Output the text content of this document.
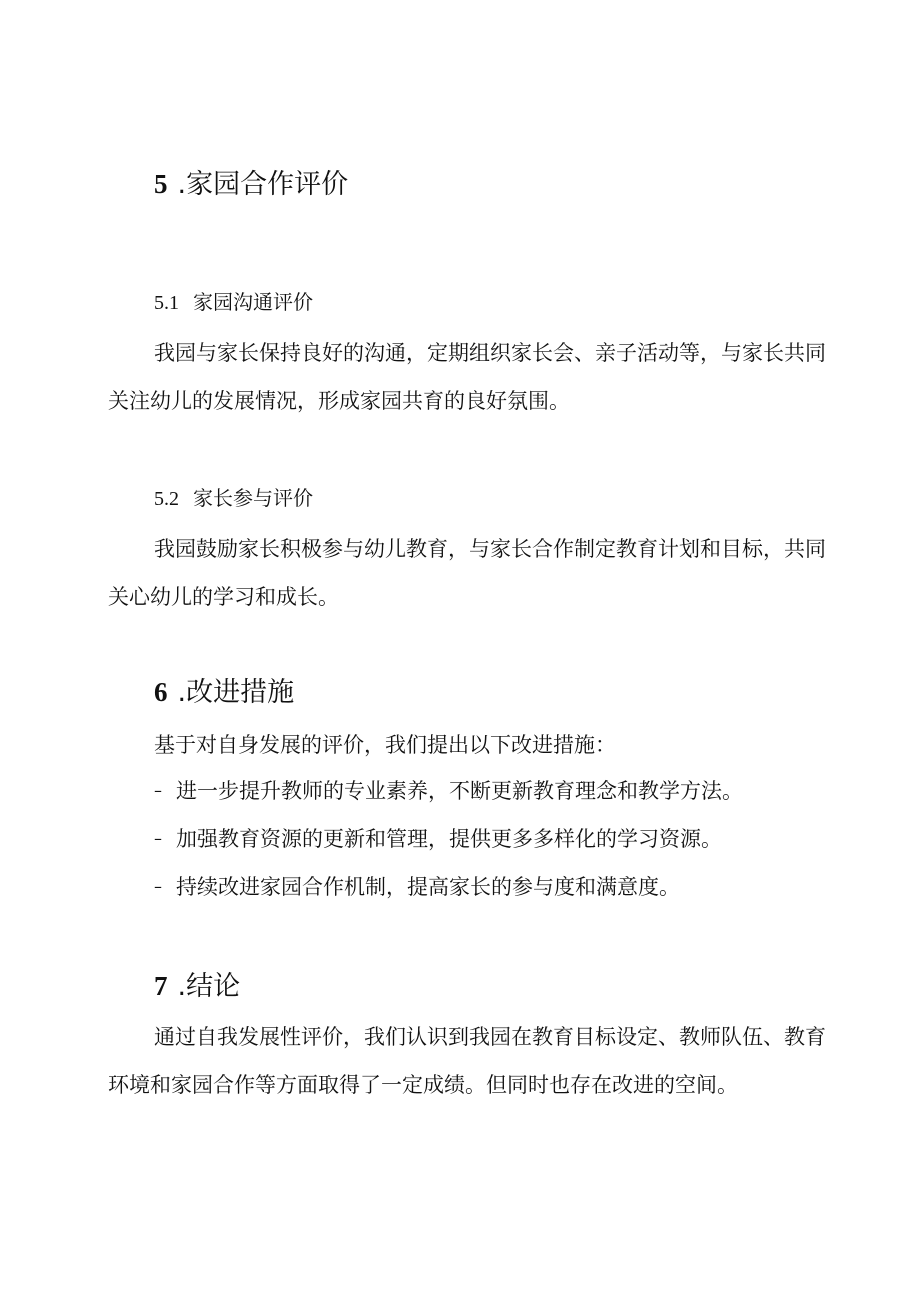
5 .家园合作评价
5.1 家园沟通评价

我园与家长保持良好的沟通，定期组织家长会、亲子活动等，与家长共同关注幼儿的发展情况，形成家园共育的良好氛围。

5.2 家长参与评价

我园鼓励家长积极参与幼儿教育，与家长合作制定教育计划和目标，共同关心幼儿的学习和成长。

6 .改进措施
基于对自身发展的评价，我们提出以下改进措施：
– 进一步提升教师的专业素养，不断更新教育理念和教学方法。
– 加强教育资源的更新和管理，提供更多多样化的学习资源。
– 持续改进家园合作机制，提高家长的参与度和满意度。
7 .结论

通过自我发展性评价，我们认识到我园在教育目标设定、教师队伍、教育环境和家园合作等方面取得了一定成绩。但同时也存在改进的空间。
